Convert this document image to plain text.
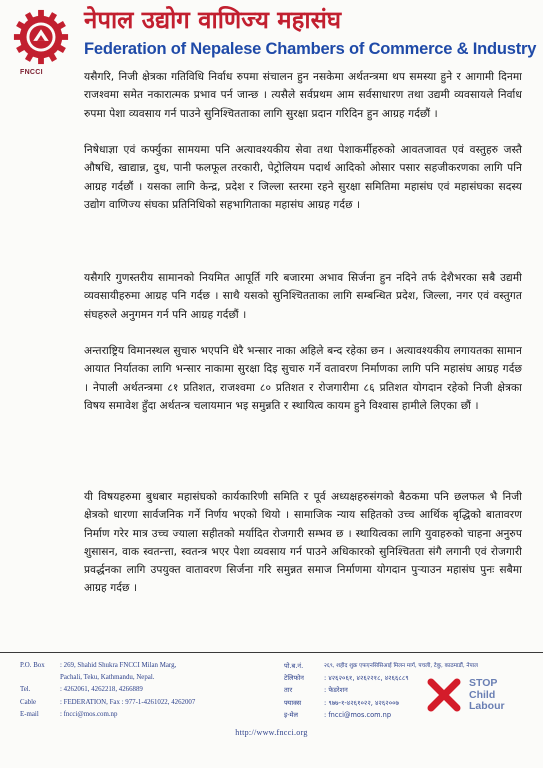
FNCCI
नेपाल उद्योग वाणिज्य महासंघ
Federation of Nepalese Chambers of Commerce & Industry

यसैगरि, निजी क्षेत्रका गतिविधि निर्वाध रुपमा संचालन हुन नसकेमा अर्थतन्त्रमा थप समस्या हुने र आगामी दिनमा राजश्वमा समेत नकारात्मक प्रभाव पर्न जान्छ । त्यसैले सर्वप्रथम आम सर्वसाधारण तथा उद्यमी व्यवसायले निर्वाध रुपमा पेशा व्यवसाय गर्न पाउने सुनिश्चितताका लागि सुरक्षा प्रदान गरिदिन हुन आग्रह गर्दछौं ।

निषेधाज्ञा एवं कर्फ्युका सामयमा पनि अत्यावश्यकीय सेवा तथा पेशाकर्मीहरुको आवतजावत एवं वस्तुहरु जस्तै औषधि, खाद्यान्न, दुध, पानी फलफूल तरकारी, पेट्रोलियम पदार्थ आदिको ओसार पसार सहजीकरणका लागि पनि आग्रह गर्दछौं । यसका लागि केन्द्र, प्रदेश र जिल्ला स्तरमा रहने सुरक्षा समितिमा महासंघ एवं महासंघका सदस्य उद्योग वाणिज्य संघका प्रतिनिधिको सहभागिताका महासंघ आग्रह गर्दछ ।

यसैगरि गुणस्तरीय सामानको नियमित आपूर्ति गरि बजारमा अभाव सिर्जना हुन नदिने तर्फ देशैभरका सबै उद्यमी व्यवसायीहरुमा आग्रह पनि गर्दछ । साथै यसको सुनिश्चितताका लागि सम्बन्धित प्रदेश, जिल्ला, नगर एवं वस्तुगत संघहरुले अनुगमन गर्न पनि आग्रह गर्दछौं ।

अन्तराष्ट्रिय विमानस्थल सुचारु भएपनि धेरै भन्सार नाका अहिले बन्द रहेका छन । अत्यावश्यकीय लगायतका सामान आयात निर्यातका लागि भन्सार नाकामा सुरक्षा दिइ सुचारु गर्ने वतावरण निर्माणका लागि पनि महासंघ आग्रह गर्दछ । नेपाली अर्थतन्त्रमा ८१ प्रतिशत, राजश्वमा ८० प्रतिशत र रोजगारीमा ८६ प्रतिशत योगदान रहेको निजी क्षेत्रका विषय समावेश हुँदा अर्थतन्त्र चलायमान भइ समुन्नति र स्थायित्व कायम हुने विश्वास हामीले लिएका छौं ।

यी विषयहरुमा बुधबार महासंघको कार्यकारिणी समिति र पूर्व अध्यक्षहरुसंगको बैठकमा पनि छलफल भै निजी क्षेत्रको धारणा सार्वजनिक गर्ने निर्णय भएको थियो । सामाजिक न्याय सहितको उच्च आर्थिक बृद्धिको बातावरण निर्माण गरेर मात्र उच्च ज्याला सहीतको मर्यादित रोजगारी सम्भव छ । स्थायित्वका लागि युवाहरुको चाहना अनुरुप शुसासन, वाक स्वतन्त्ता, स्वतन्त्र भएर पेशा व्यवसाय गर्न पाउने अधिकारको सुनिश्चितता संगै लगानी एवं रोजगारी प्रवर्द्धनका लागि उपयुक्त वातावरण सिर्जना गरि समुन्नत समाज निर्माणमा योगदान पुऱ्याउन महासंघ पुनः सबैमा आग्रह गर्दछ ।

P.O. Box	: 269, Shahid Shukra FNCCI Milan Marg,
Pachali, Teku, Kathmandu, Nepal.
Tel.	: 4262061, 4262218, 4266889
Cable	: FEDERATION, Fax : 977-1-4261022, 4262007
E-mail	: fncci@mos.com.np
पो.ब.नं.	२६९, शहीद शुक्र एफएनसिसिआई मिलन मार्ग, पचली, टेकु, काठमाडौं, नेपाल
टेलिफोन	: ४२६२०६१, ४२६२२१८, ४२६६८८९
तार	: फेडरेशन
फ्याक्स	: ९७७-१-४२६१०२२, ४२६२००७
इ-मेल	: fncci@mos.com.np
STOP
Child
Labour
http://www.fncci.org
